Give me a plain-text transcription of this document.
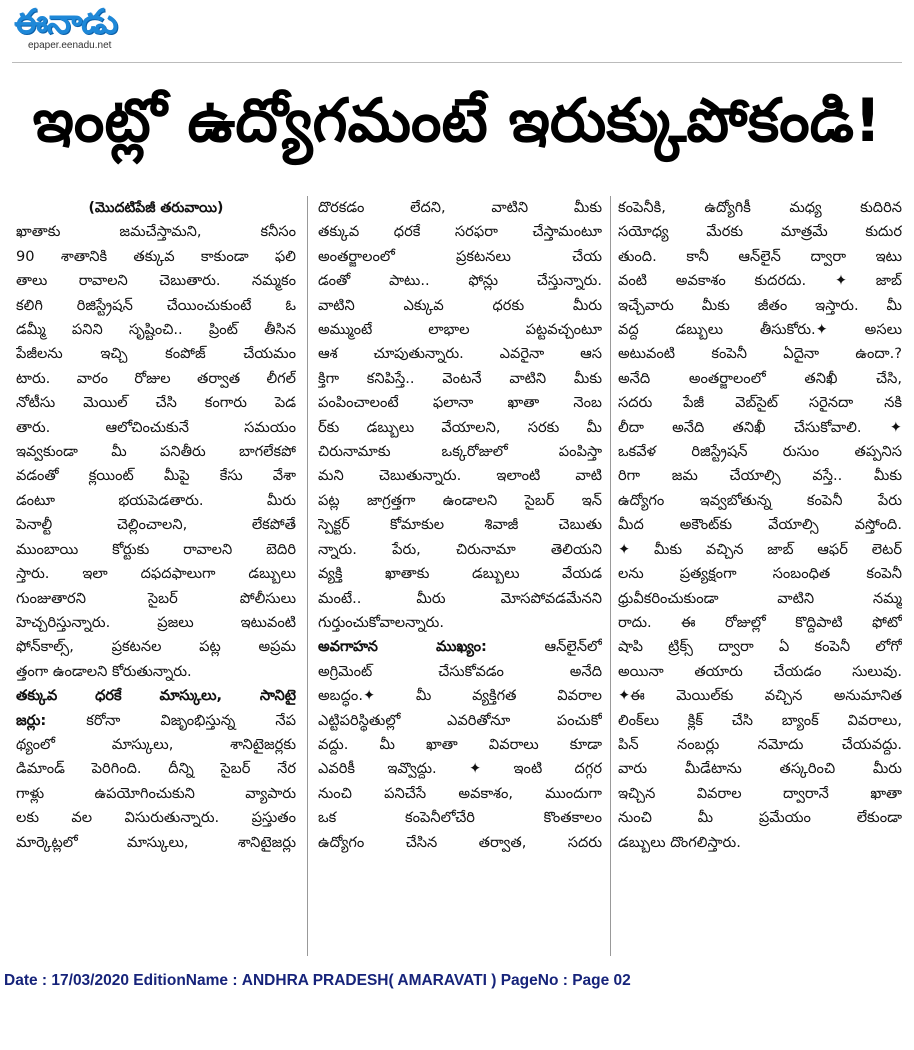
ఈనాడు
epaper.eenadu.net
ఇంట్లో ఉద్యోగమంటే ఇరుక్కుపోకండి!

(మొదటిపేజీ తరువాయి)

ఖాతాకు జమచేస్తామని, కనీసం

90 శాతానికి తక్కువ కాకుండా ఫలి

తాలు రావాలని చెబుతారు. నమ్మకం

కలిగి రిజిస్ట్రేషన్ చేయించుకుంటే ఓ

డమ్మీ పనిని సృష్టించి.. ప్రింట్ తీసిన

పేజీలను ఇచ్చి కంపోజ్ చేయమం

టారు. వారం రోజుల తర్వాత లీగల్

నోటీసు మెయిల్ చేసి కంగారు పెడ

తారు. ఆలోచించుకునే సమయం

ఇవ్వకుండా మీ పనితీరు బాగలేకపో

వడంతో క్లయింట్ మీపై కేసు వేశా

డంటూ భయపెడతారు. మీరు

పెనాల్టీ చెల్లించాలని, లేకపోతే

ముంబాయి కోర్టుకు రావాలని బెదిరి

స్తారు. ఇలా దఫదఫాలుగా డబ్బులు

గుంజుతారని సైబర్ పోలీసులు

హెచ్చరిస్తున్నారు. ప్రజలు ఇటువంటి

ఫోన్‌కాల్స్, ప్రకటనల పట్ల అప్రమ

త్తంగా ఉండాలని కోరుతున్నారు.

తక్కువ ధరకే మాస్కులు, సానిటై

జర్లు: కరోనా విజృంభిస్తున్న నేప

థ్యంలో మాస్కులు, శానిటైజర్లకు

డిమాండ్ పెరిగింది. దీన్ని సైబర్ నేర

గాళ్లు ఉపయోగించుకుని వ్యాపారు

లకు వల విసురుతున్నారు. ప్రస్తుతం

మార్కెట్లలో మాస్కులు, శానిటైజర్లు

దొరకడం లేదని, వాటిని మీకు

తక్కువ ధరకే సరఫరా చేస్తామంటూ

అంతర్జాలంలో ప్రకటనలు చేయ

డంతో పాటు.. ఫోన్లు చేస్తున్నారు.

వాటిని ఎక్కువ ధరకు మీరు

అమ్ముంటే లాభాల పట్టవచ్చంటూ

ఆశ చూపుతున్నారు. ఎవరైనా ఆస

క్తిగా కనిపిస్తే.. వెంటనే వాటిని మీకు

పంపించాలంటే ఫలానా ఖాతా నెంబ

ర్‌కు డబ్బులు వేయాలని, సరకు మీ

చిరునామాకు ఒక్కరోజులో పంపిస్తా

మని చెబుతున్నారు. ఇలాంటి వాటి

పట్ల జాగ్రత్తగా ఉండాలని సైబర్ ఇన్

స్పెక్టర్ కోమాకుల శివాజీ చెబుతు

న్నారు. పేరు, చిరునామా తెలియని

వ్యక్తి ఖాతాకు డబ్బులు వేయడ

మంటే.. మీరు మోసపోవడమేనని

గుర్తుంచుకోవాలన్నారు.

అవగాహన ముఖ్యం: ఆన్‌లైన్‌లో

అగ్రిమెంట్ చేసుకోవడం అనేది

అబద్ధం.✦ మీ వ్యక్తిగత వివరాల

ఎట్టిపరిస్థితుల్లో ఎవరితోనూ పంచుకో

వద్దు. మీ ఖాతా వివరాలు కూడా

ఎవరికీ ఇవ్వొద్దు. ✦ ఇంటి దగ్గర

నుంచి పనిచేసే అవకాశం, ముందుగా

ఒక కంపెనీలోచేరి కొంతకాలం

ఉద్యోగం చేసిన తర్వాత, సదరు

కంపెనీకి, ఉద్యోగికీ మధ్య కుదిరిన

సయోధ్య మేరకు మాత్రమే కుదుర

తుంది. కానీ ఆన్‌లైన్ ద్వారా ఇటు

వంటి అవకాశం కుదరదు. ✦ జాబ్

ఇచ్చేవారు మీకు జీతం ఇస్తారు. మీ

వద్ద డబ్బులు తీసుకోరు.✦ అసలు

అటువంటి కంపెనీ ఏదైనా ఉందా.?

అనేది అంతర్జాలంలో తనిఖీ చేసి,

సదరు పేజీ వెబ్‌సైట్ సరైనదా నకి

లీదా అనేది తనిఖీ చేసుకోవాలి. ✦

ఒకవేళ రిజిస్ట్రేషన్ రుసుం తప్పనిస

రిగా జమ చేయాల్సి వస్తే.. మీకు

ఉద్యోగం ఇవ్వబోతున్న కంపెనీ పేరు

మీద అకౌంట్‌కు వేయాల్సి వస్తోంది.

✦ మీకు వచ్చిన జాబ్ ఆఫర్ లెటర్

లను ప్రత్యక్షంగా సంబంధిత కంపెనీ

ధ్రువీకరించుకుండా వాటిని నమ్మ

రాదు. ఈ రోజుల్లో కొద్దిపాటి ఫోటో

షాపి ట్రిక్స్ ద్వారా ఏ కంపెనీ లోగో

అయినా తయారు చేయడం సులువు.

✦ఈ మెయిల్‌కు వచ్చిన అనుమానిత

లింక్‌లు క్లిక్ చేసి బ్యాంక్ వివరాలు,

పిన్ నంబర్లు నమోదు చేయవద్దు.

వారు మీడేటాను తస్కరించి మీరు

ఇచ్చిన వివరాల ద్వారానే ఖాతా

నుంచి మీ ప్రమేయం లేకుండా

డబ్బులు దొంగలిస్తారు.

Date : 17/03/2020 EditionName : ANDHRA PRADESH( AMARAVATI ) PageNo : Page 02
